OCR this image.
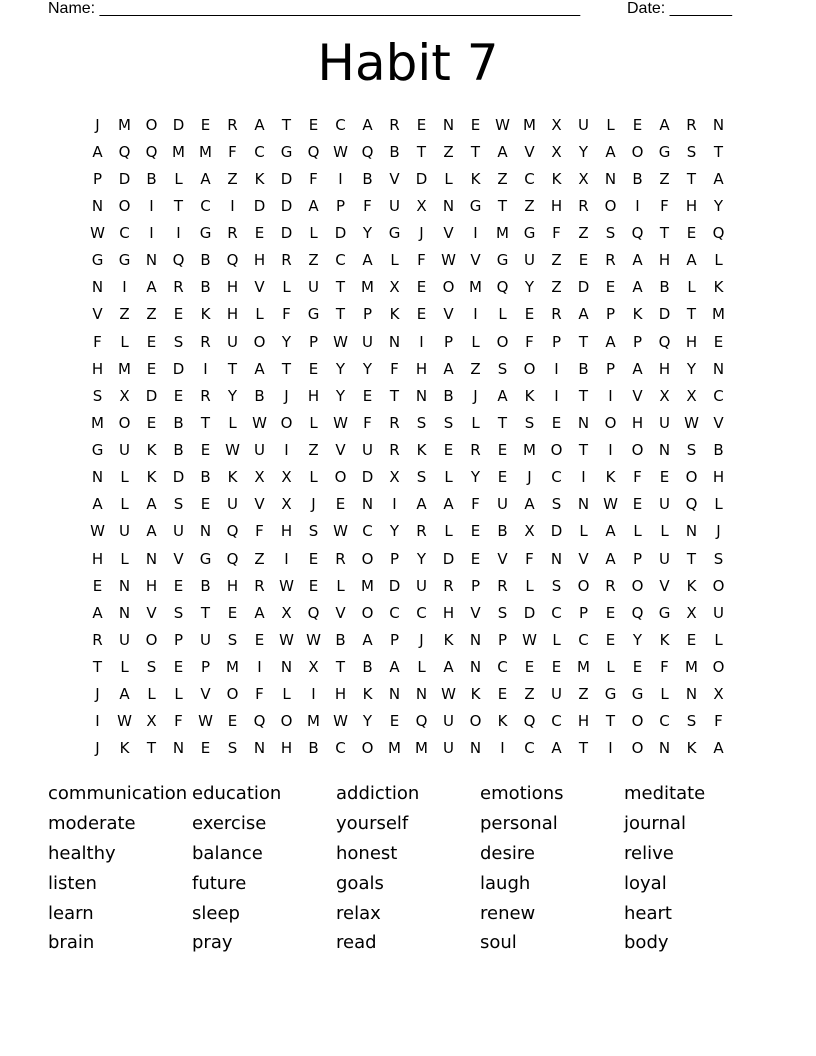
Name: ______________________________________________________	Date: _______
Habit 7
J	M O	D	E	R	A	T	E	C	A	R	E	N	E W M	X	U	L	E	A	R	N
A	Q	Q M M	F	C	G	Q W Q	B	T	Z	T	A	V	X	Y	A	O	G	S	T
P	D	B	L	A	Z	K	D	F	I	B	V	D	L	K	Z	C	K	X	N	B	Z	T	A
N	O	I	T	C	I	D	D	A	P	F	U	X	N	G	T	Z	H	R	O	I	F	H	Y
W C	I	I	G	R	E	D	L	D	Y	G	J	V	I	M G	F	Z	S	Q	T	E	Q
G	G	N	Q	B	Q	H	R	Z	C	A	L	F	W V	G	U	Z	E	R	A	H	A	L
N	I	A	R	B	H	V	L	U	T	M	X	E	O M Q	Y	Z	D	E	A	B	L	K
V	Z	Z	E	K	H	L	F	G	T	P	K	E	V	I	L	E	R	A	P	K	D	T	M
F	L	E	S	R	U	O	Y	P	W U	N	I	P	L	O	F	P	T	A	P	Q	H	E
H M	E	D	I	T	A	T	E	Y	Y	F	H	A	Z	S	O	I	B	P	A	H	Y	N
S	X	D	E	R	Y	B	J	H	Y	E	T	N	B	J	A	K	I	T	I	V	X	X	C
M O	E	B	T	L	W O	L	W	F	R	S	S	L	T	S	E	N	O	H	U W V
G	U	K	B	E W U	I	Z	V	U	R	K	E	R	E	M O	T	I	O	N	S	B
N	L	K	D	B	K	X	X	L	O	D	X	S	L	Y	E	J	C	I	K	F	E	O	H
A	L	A	S	E	U	V	X	J	E	N	I	A	A	F	U	A	S	N W E	U	Q	L
W U	A	U	N	Q	F	H	S W C	Y	R	L	E	B	X	D	L	A	L	L	N	J
H	L	N	V	G	Q	Z	I	E	R	O	P	Y	D	E	V	F	N	V	A	P	U	T	S
E	N	H	E	B	H	R W E	L	M D	U	R	P	R	L	S	O	R	O	V	K	O
A	N	V	S	T	E	A	X	Q	V	O	C	C	H	V	S	D	C	P	E	Q	G	X	U
R	U	O	P	U	S	E W W B	A	P	J	K	N	P	W	L	C	E	Y	K	E	L
T	L	S	E	P	M	I	N	X	T	B	A	L	A	N	C	E	E	M	L	E	F	M O
J	A	L	L	V	O	F	L	I	H	K	N	N W K	E	Z	U	Z	G	G	L	N	X
I	W X	F	W E	Q	O M W Y	E	Q	U	O	K	Q	C	H	T	O	C	S	F
J	K	T	N	E	S	N	H	B	C	O M M	U	N	I	C	A	T	I	O	N	K	A
communication education	addiction	emotions	meditate
moderate	exercise	yourself	personal	journal
healthy	balance	honest	desire	relive
listen	future	goals	laugh	loyal
learn	sleep	relax	renew	heart
brain	pray	read	soul	body
